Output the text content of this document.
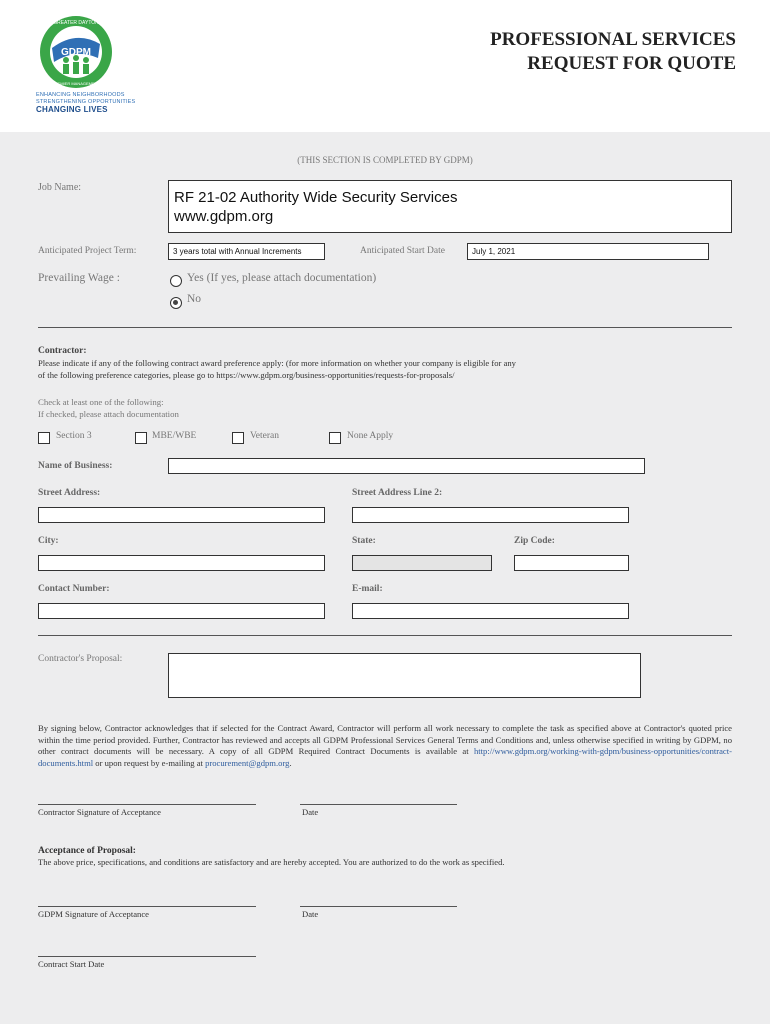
GDPM
GREATER DAYTON
PREMIER MANAGEMENT
ENHANCING NEIGHBORHOODS
STRENGTHENING OPPORTUNITIES
CHANGING LIVES
PROFESSIONAL SERVICES
REQUEST FOR QUOTE
(THIS SECTION IS COMPLETED BY GDPM)
Job Name:
RF 21-02 Authority Wide Security Services
www.gdpm.org
Anticipated Project Term:	3 years total with Annual Increments	Anticipated Start Date	July 1, 2021
Prevailing Wage :	Yes (If yes, please attach documentation)
No
Contractor:
Please indicate if any of the following contract award preference apply: (for more information on whether your company is eligible for any
of the following preference categories, please go to https://www.gdpm.org/business-opportunities/requests-for-proposals/
Check at least one of the following:
If checked, please attach documentation
Section 3	MBE/WBE	Veteran	None Apply
Name of Business:
Street Address:	Street Address Line 2:
City:	State:	Zip Code:
Contact Number:	E-mail:
Contractor's Proposal:
By signing below, Contractor acknowledges that if selected for the Contract Award, Contractor will perform all work necessary to complete the task as specified above at Contractor's quoted price within the time period provided. Further, Contractor has reviewed and accepts all GDPM Professional Services General Terms and Conditions and, unless otherwise specified in writing by GDPM, no other contract documents will be necessary. A copy of all GDPM Required Contract Documents is available at http://www.gdpm.org/working-with-gdpm/business-opportunities/contract-documents.html or upon request by e-mailing at procurement@gdpm.org.
Contractor Signature of Acceptance	Date
Acceptance of Proposal:
The above price, specifications, and conditions are satisfactory and are hereby accepted. You are authorized to do the work as specified.
GDPM Signature of Acceptance	Date
Contract Start Date
